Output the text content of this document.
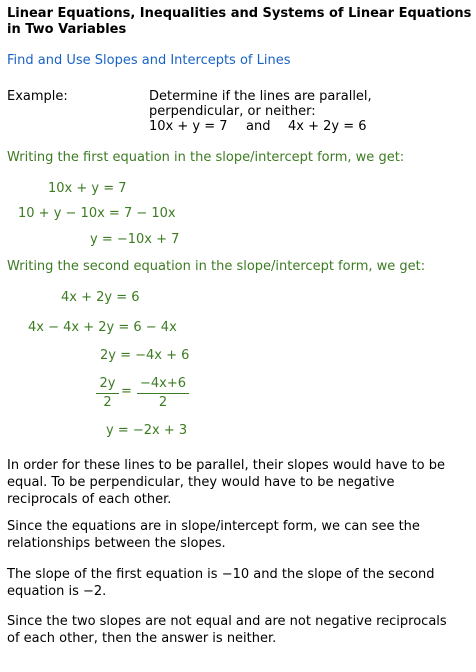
Linear Equations, Inequalities and Systems of Linear Equations in Two Variables
Find and Use Slopes and Intercepts of Lines
Example:	Determine if the lines are parallel,
perpendicular, or neither:
10x + y = 7 and 4x + 2y = 6
Writing the first equation in the slope/intercept form, we get:
10x + y = 7
10 + y − 10x = 7 − 10x
y = −10x + 7
Writing the second equation in the slope/intercept form, we get:
4x + 2y = 6
4x − 4x + 2y = 6 − 4x
2y = −4x + 6
2y
2
=
−4x+6
2
y = −2x + 3
In order for these lines to be parallel, their slopes would have to be equal. To be perpendicular, they would have to be negative reciprocals of each other.
Since the equations are in slope/intercept form, we can see the relationships between the slopes.
The slope of the first equation is −10 and the slope of the second equation is −2.
Since the two slopes are not equal and are not negative reciprocals of each other, then the answer is neither.
